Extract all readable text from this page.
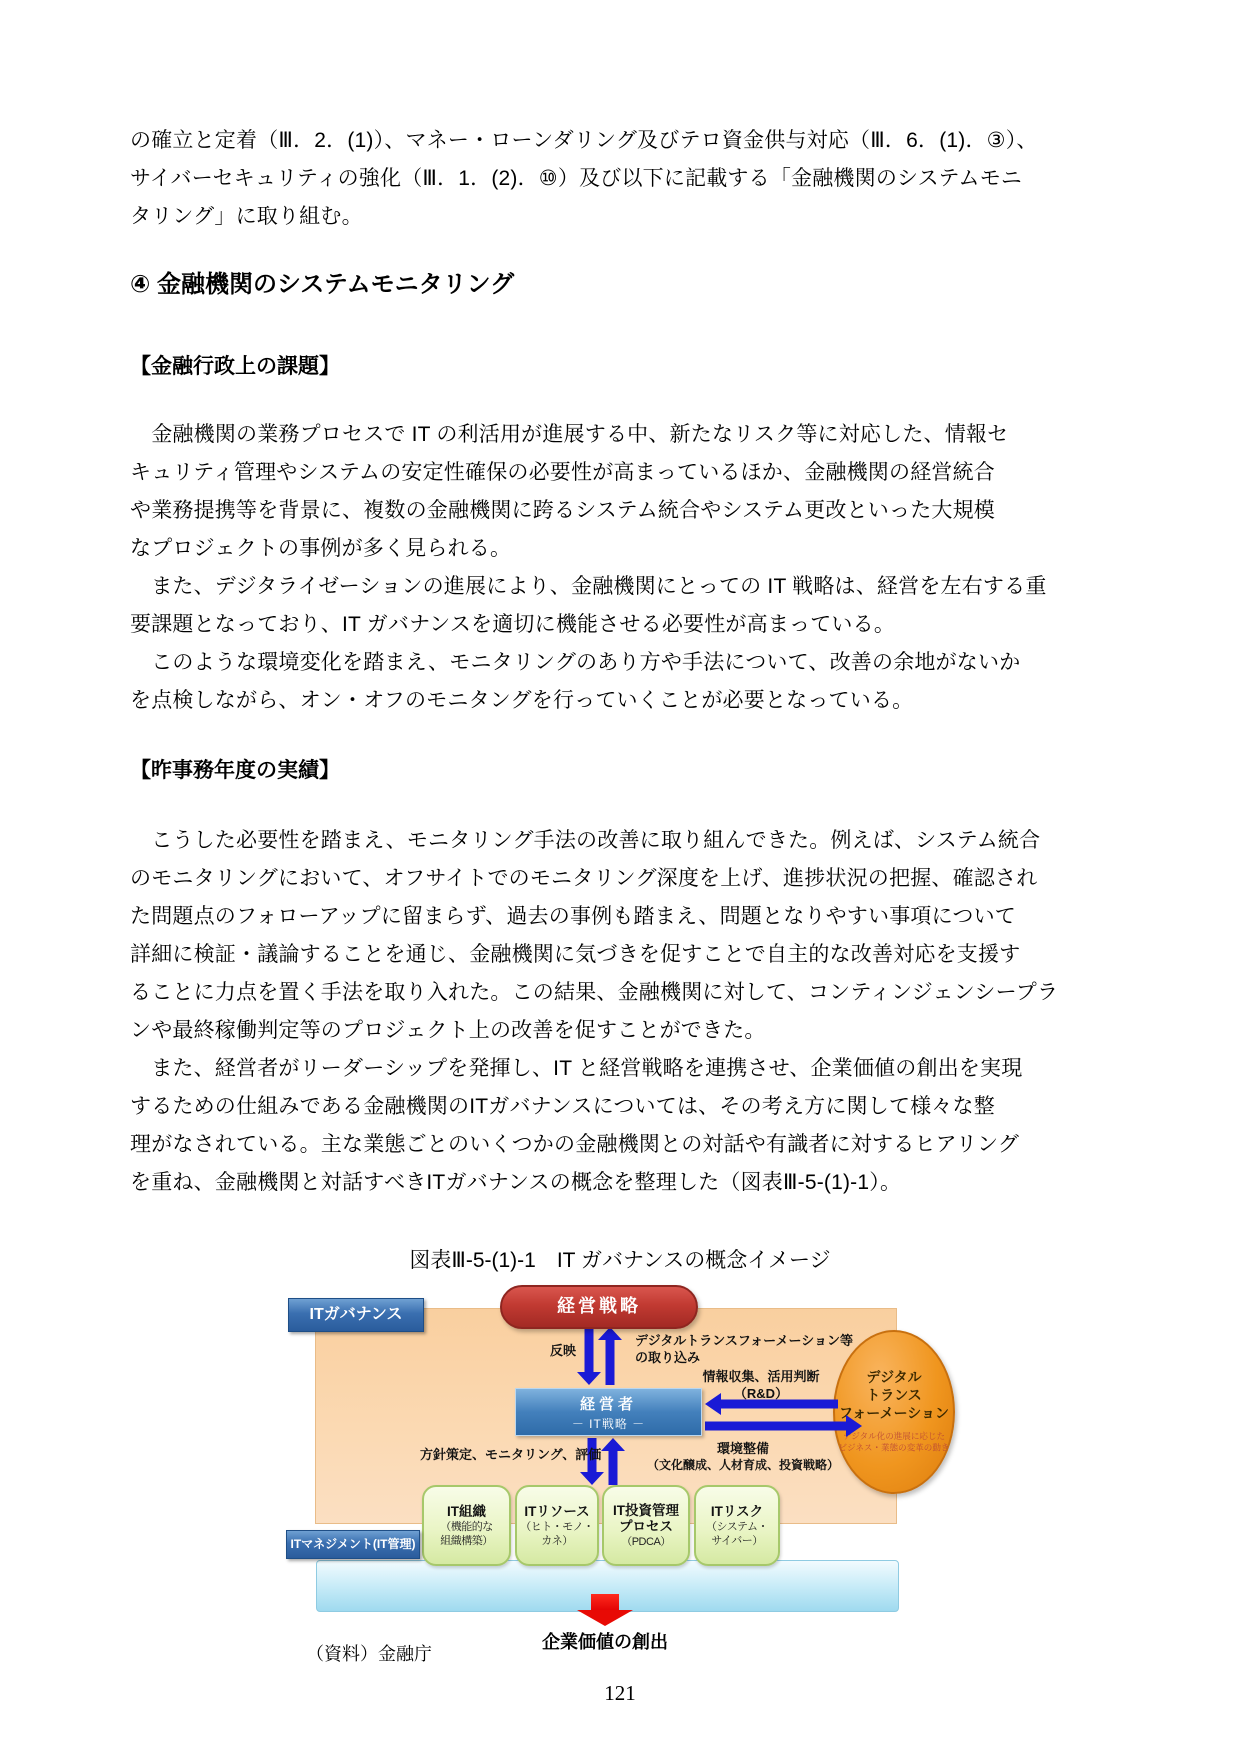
の確立と定着（Ⅲ．2．(1)）、マネー・ローンダリング及びテロ資金供与対応（Ⅲ．6．(1)．③）、
サイバーセキュリティの強化（Ⅲ．1．(2)．⑩）及び以下に記載する「金融機関のシステムモニ
タリング」に取り組む。
④ 金融機関のシステムモニタリング
【金融行政上の課題】
　金融機関の業務プロセスで IT の利活用が進展する中、新たなリスク等に対応した、情報セ
キュリティ管理やシステムの安定性確保の必要性が高まっているほか、金融機関の経営統合
や業務提携等を背景に、複数の金融機関に跨るシステム統合やシステム更改といった大規模
なプロジェクトの事例が多く見られる。
　また、デジタライゼーションの進展により、金融機関にとっての IT 戦略は、経営を左右する重
要課題となっており、IT ガバナンスを適切に機能させる必要性が高まっている。
　このような環境変化を踏まえ、モニタリングのあり方や手法について、改善の余地がないか
を点検しながら、オン・オフのモニタングを行っていくことが必要となっている。
【昨事務年度の実績】
　こうした必要性を踏まえ、モニタリング手法の改善に取り組んできた。例えば、システム統合
のモニタリングにおいて、オフサイトでのモニタリング深度を上げ、進捗状況の把握、確認され
た問題点のフォローアップに留まらず、過去の事例も踏まえ、問題となりやすい事項について
詳細に検証・議論することを通じ、金融機関に気づきを促すことで自主的な改善対応を支援す
ることに力点を置く手法を取り入れた。この結果、金融機関に対して、コンティンジェンシープラ
ンや最終稼働判定等のプロジェクト上の改善を促すことができた。
　また、経営者がリーダーシップを発揮し、IT と経営戦略を連携させ、企業価値の創出を実現
するための仕組みである金融機関のITガバナンスについては、その考え方に関して様々な整
理がなされている。主な業態ごとのいくつかの金融機関との対話や有識者に対するヒアリング
を重ね、金融機関と対話すべきITガバナンスの概念を整理した（図表Ⅲ-5-(1)-1）。
図表Ⅲ-5-(1)-1　IT ガバナンスの概念イメージ
ITガバナンス
ITマネジメント(IT管理)
経営戦略
反映
デジタルトランスフォーメーション等
の取り込み
経営者
－ IT戦略 －
情報収集、活用判断
（R&D）
環境整備
（文化醸成、人材育成、投資戦略）
方針策定、モニタリング、評価
デジタル
トランス
フォーメーション
デジタル化の進展に応じた
ビジネス・業態の変革の動き
IT組織
（機能的な
組織構築）
ITリソース
（ヒト・モノ・カネ）
IT投資管理
プロセス
（PDCA）
ITリスク
（システム・
サイバー）
企業価値の創出
（資料）金融庁
121
